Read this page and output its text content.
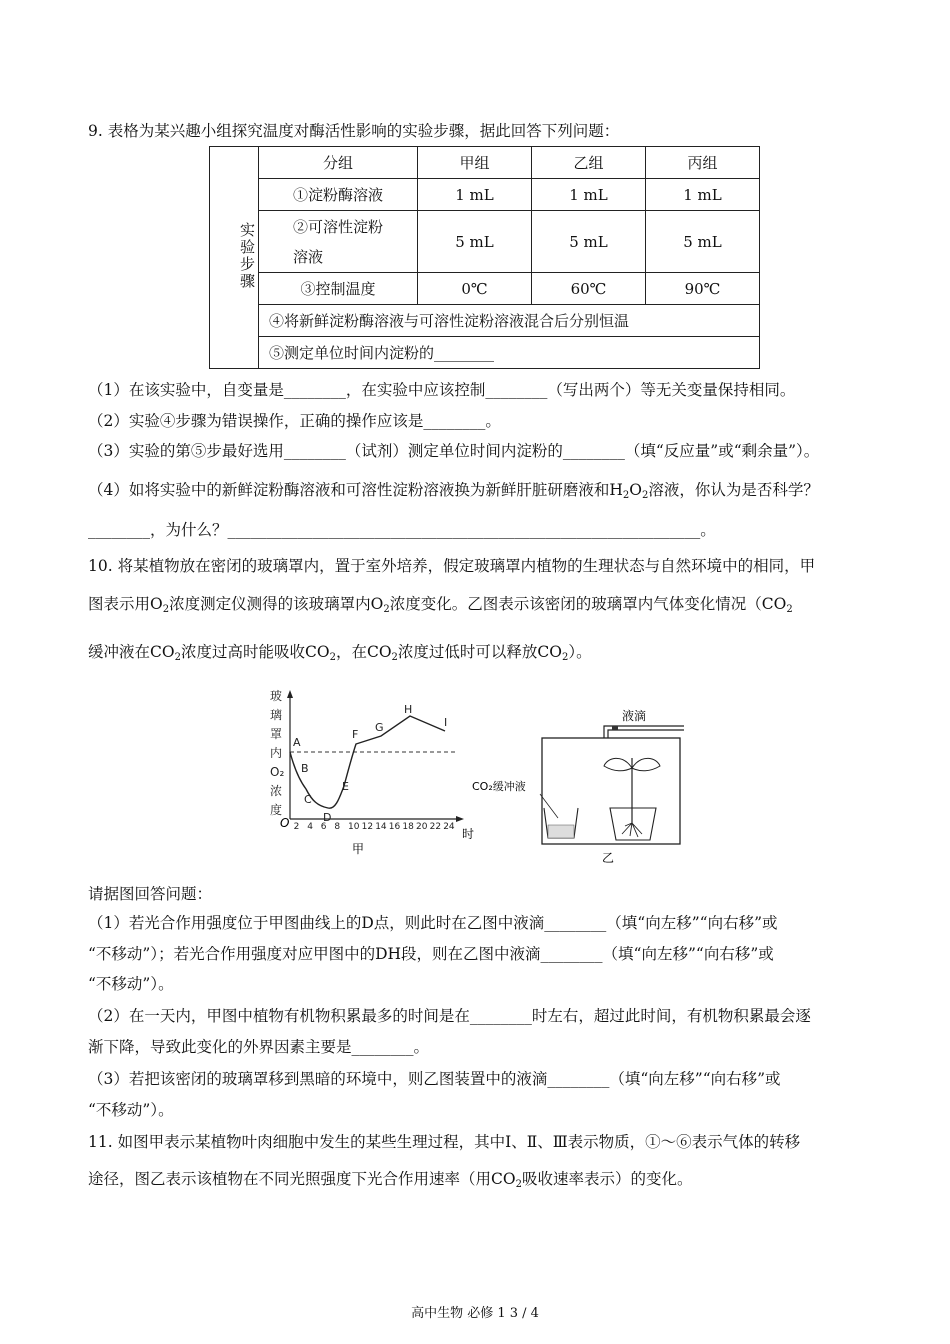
9. 表格为某兴趣小组探究温度对酶活性影响的实验步骤，据此回答下列问题：
实验步骤	分组	甲组	乙组	丙组
	①淀粉酶溶液	1 mL	1 mL	1 mL

	②可溶性淀粉
溶液	5 mL	5 mL	5 mL
	③控制温度	0℃	60℃	90℃
	④将新鲜淀粉酶溶液与可溶性淀粉溶液混合后分别恒温			
	⑤测定单位时间内淀粉的________			
（1）在该实验中，自变量是________，在实验中应该控制________（写出两个）等无关变量保持相同。
（2）实验④步骤为错误操作，正确的操作应该是________。
（3）实验的第⑤步最好选用________（试剂）测定单位时间内淀粉的________（填“反应量”或“剩余量”）。
（4）如将实验中的新鲜淀粉酶溶液和可溶性淀粉溶液换为新鲜肝脏研磨液和$H_2O_2$溶液，你认为是否科学？
________，为什么？_____________________________________________________________。
10. 将某植物放在密闭的玻璃罩内，置于室外培养，假定玻璃罩内植物的生理状态与自然环境中的相同，甲
图表示用$O_2$浓度测定仪测得的该玻璃罩内$O_2$浓度变化。乙图表示该密闭的玻璃罩内气体变化情况（$CO_2$
缓冲液在$CO_2$浓度过高时能吸收$CO_2$，在$CO_2$浓度过低时可以释放$CO_2$）。
玻
璃
罩
内
O₂
浓
度
O
时
2 4 6 8 10 12 14 16 18 20 22 24
A
B
C
D
E
F
G
H
I
甲
液滴
CO₂缓冲液
乙
请据图回答问题：
（1）若光合作用强度位于甲图曲线上的D点，则此时在乙图中液滴________（填“向左移”“向右移”或
“不移动”）；若光合作用强度对应甲图中的DH段，则在乙图中液滴________（填“向左移”“向右移”或
“不移动”）。
（2）在一天内，甲图中植物有机物积累最多的时间是在________时左右，超过此时间，有机物积累最会逐
渐下降，导致此变化的外界因素主要是________。
（3）若把该密闭的玻璃罩移到黑暗的环境中，则乙图装置中的液滴________（填“向左移”“向右移”或
“不移动”）。
11. 如图甲表示某植物叶肉细胞中发生的某些生理过程，其中Ⅰ、Ⅱ、Ⅲ表示物质，①～⑥表示气体的转移
途径，图乙表示该植物在不同光照强度下光合作用速率（用$CO_2$吸收速率表示）的变化。
高中生物 必修 1 3 / 4
